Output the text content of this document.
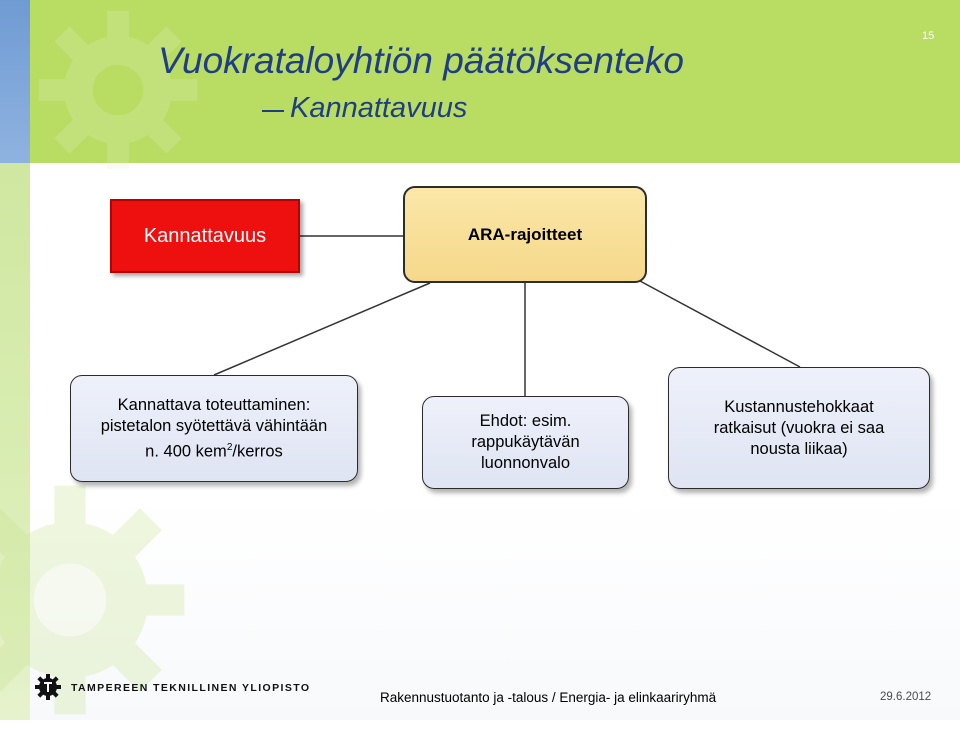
Vuokrataloyhtiön päätöksenteko
Kannattavuus
15
Kannattavuus	ARA-rajoitteet
Kannattava toteuttaminen:
pistetalon syötettävä vähintään
n. 400 kem$^2$/kerros
Ehdot: esim.
rappukäytävän
luonnonvalo
Kustannustehokkaat
ratkaisut (vuokra ei saa
nousta liikaa)
TAMPEREEN TEKNILLINEN YLIOPISTO
Rakennustuotanto ja -talous / Energia- ja elinkaariryhmä	29.6.2012
